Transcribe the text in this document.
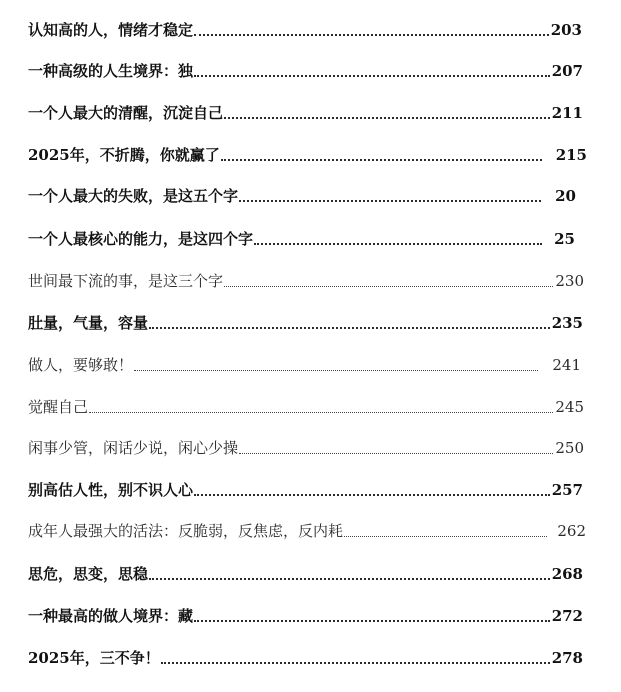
认知高的人，情绪才稳定	203
一种高级的人生境界：独	207
一个人最大的清醒，沉淀自己	211
2025年，不折腾，你就赢了	215
一个人最大的失败，是这五个字	20
一个人最核心的能力，是这四个字	25
世间最下流的事，是这三个字	230
肚量，气量，容量	235
做人，要够敢！	241
觉醒自己	245
闲事少管，闲话少说，闲心少操	250
别高估人性，别不识人心	257
成年人最强大的活法：反脆弱，反焦虑，反内耗	262
思危，思变，思稳	268
一种最高的做人境界：藏	272
2025年，三不争！	278
